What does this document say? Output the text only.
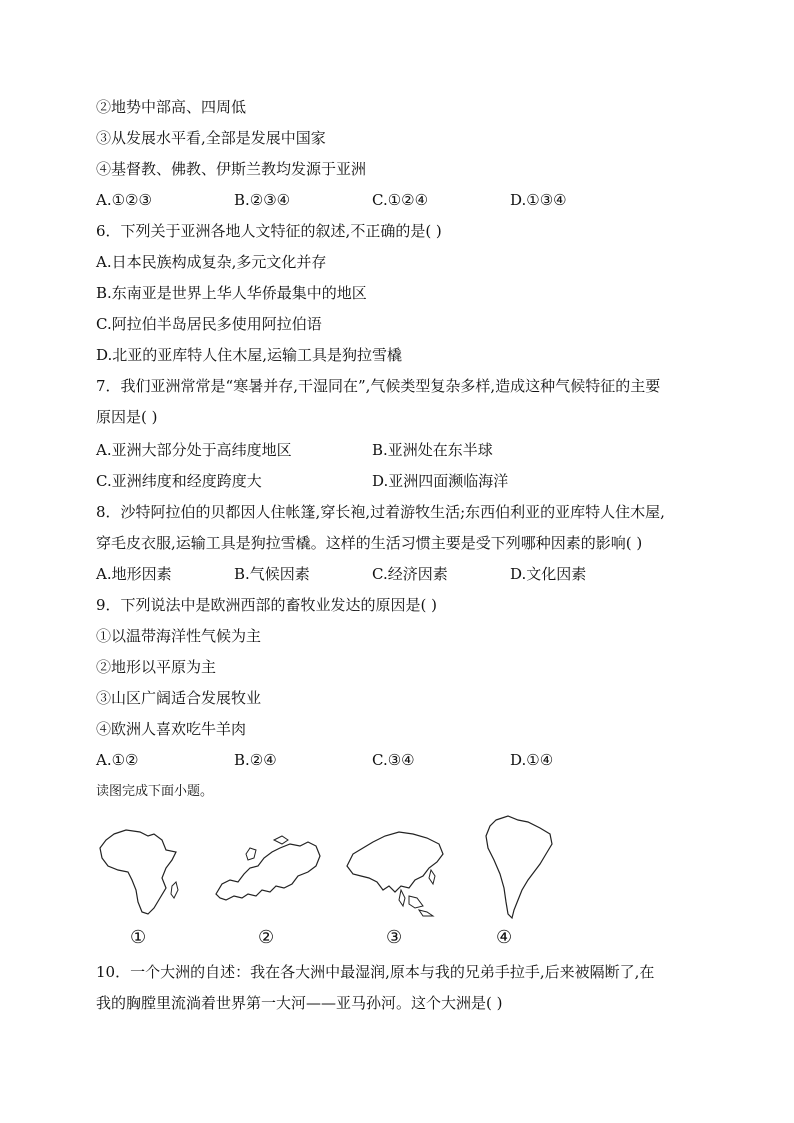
②地势中部高、四周低
③从发展水平看,全部是发展中国家
④基督教、佛教、伊斯兰教均发源于亚洲
A.①②③	B.②③④	C.①②④	D.①③④
6．下列关于亚洲各地人文特征的叙述,不正确的是( )
A.日本民族构成复杂,多元文化并存
B.东南亚是世界上华人华侨最集中的地区
C.阿拉伯半岛居民多使用阿拉伯语
D.北亚的亚库特人住木屋,运输工具是狗拉雪橇
7．我们亚洲常常是“寒暑并存,干湿同在”,气候类型复杂多样,造成这种气候特征的主要
原因是( )
A.亚洲大部分处于高纬度地区	B.亚洲处在东半球
C.亚洲纬度和经度跨度大	D.亚洲四面濒临海洋
8．沙特阿拉伯的贝都因人住帐篷,穿长袍,过着游牧生活;东西伯利亚的亚库特人住木屋,
穿毛皮衣服,运输工具是狗拉雪橇。这样的生活习惯主要是受下列哪种因素的影响( )
A.地形因素	B.气候因素	C.经济因素	D.文化因素
9．下列说法中是欧洲西部的畜牧业发达的原因是( )
①以温带海洋性气候为主
②地形以平原为主
③山区广阔适合发展牧业
④欧洲人喜欢吃牛羊肉
A.①②	B.②④	C.③④	D.①④
读图完成下面小题。
①	②	③	④
10．一个大洲的自述：我在各大洲中最湿润,原本与我的兄弟手拉手,后来被隔断了,在
我的胸膛里流淌着世界第一大河——亚马孙河。这个大洲是( )
